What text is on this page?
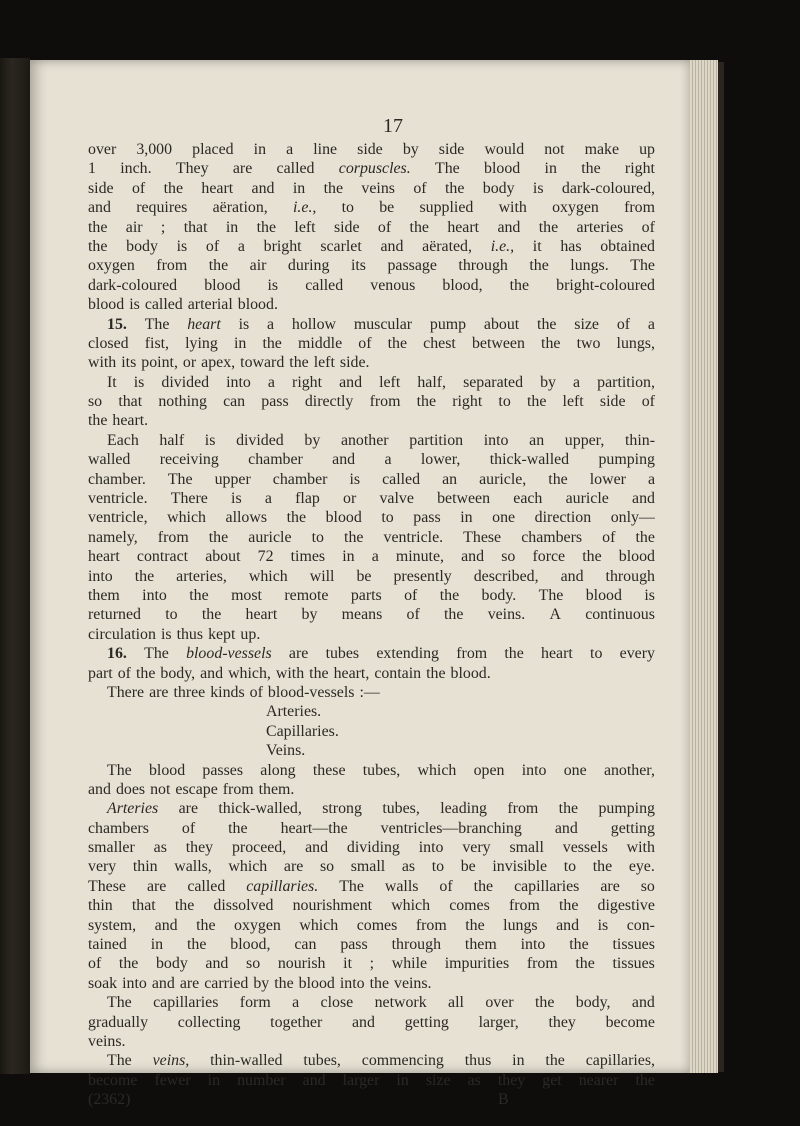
17
over 3,000 placed in a line side by side would not make up
1 inch. They are called corpuscles. The blood in the right
side of the heart and in the veins of the body is dark-coloured,
and requires aëration, i.e., to be supplied with oxygen from
the air ; that in the left side of the heart and the arteries of
the body is of a bright scarlet and aërated, i.e., it has obtained
oxygen from the air during its passage through the lungs. The
dark-coloured blood is called venous blood, the bright-coloured
blood is called arterial blood.
15. The heart is a hollow muscular pump about the size of a
closed fist, lying in the middle of the chest between the two lungs,
with its point, or apex, toward the left side.
It is divided into a right and left half, separated by a partition,
so that nothing can pass directly from the right to the left side of
the heart.
Each half is divided by another partition into an upper, thin-
walled receiving chamber and a lower, thick-walled pumping
chamber. The upper chamber is called an auricle, the lower a
ventricle. There is a flap or valve between each auricle and
ventricle, which allows the blood to pass in one direction only—
namely, from the auricle to the ventricle. These chambers of the
heart contract about 72 times in a minute, and so force the blood
into the arteries, which will be presently described, and through
them into the most remote parts of the body. The blood is
returned to the heart by means of the veins. A continuous
circulation is thus kept up.
16. The blood-vessels are tubes extending from the heart to every
part of the body, and which, with the heart, contain the blood.
There are three kinds of blood-vessels :—
Arteries.
Capillaries.
Veins.
The blood passes along these tubes, which open into one another,
and does not escape from them.
Arteries are thick-walled, strong tubes, leading from the pumping
chambers of the heart—the ventricles—branching and getting
smaller as they proceed, and dividing into very small vessels with
very thin walls, which are so small as to be invisible to the eye.
These are called capillaries. The walls of the capillaries are so
thin that the dissolved nourishment which comes from the digestive
system, and the oxygen which comes from the lungs and is con-
tained in the blood, can pass through them into the tissues
of the body and so nourish it ; while impurities from the tissues
soak into and are carried by the blood into the veins.
The capillaries form a close network all over the body, and
gradually collecting together and getting larger, they become
veins.
The veins, thin-walled tubes, commencing thus in the capillaries,
become fewer in number and larger in size as they get nearer the
(2362)	B
